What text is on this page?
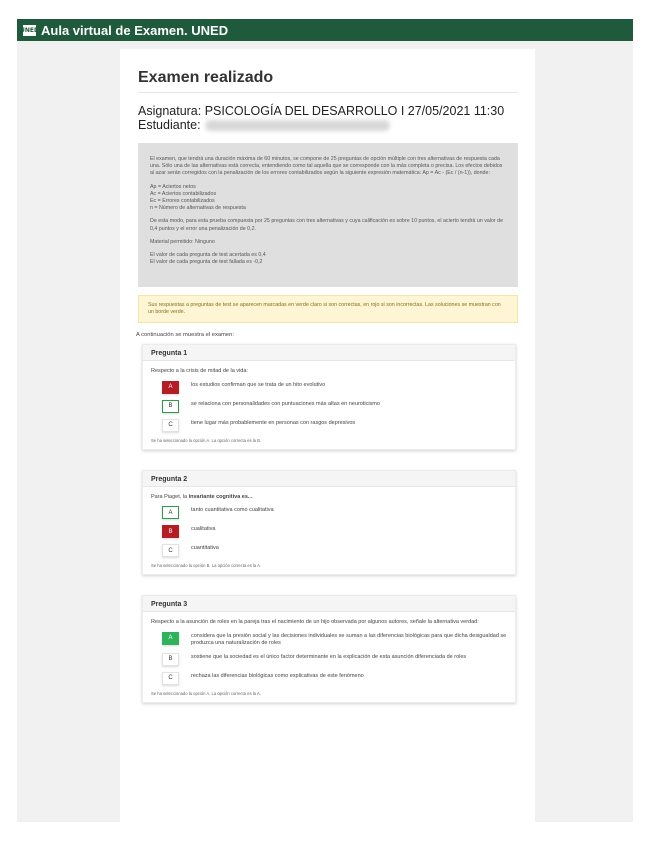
UNED Aula virtual de Examen. UNED
Examen realizado
Asignatura: PSICOLOGÍA DEL DESARROLLO I 27/05/2021 11:30
Estudiante:

El examen, que tendrá una duración máxima de 60 minutos, se compone de 25 preguntas de opción múltiple con tres alternativas de respuesta cada una. Sólo una de las alternativas está correcta, entendiendo como tal aquella que se corresponde con la más completa o precisa. Los efectos debidos al azar serán corregidos con la penalización de los errores contabilizados según la siguiente expresión matemática: Ap = Ac - (Ec / (n-1)), donde:

Ap = Aciertos netos
Ac = Aciertos contabilizados
Ec = Errores contabilizados
n = Número de alternativas de respuesta

De esta modo, para esta prueba compuesta por 25 preguntas con tres alternativas y cuya calificación es sobre 10 puntos, el acierto tendrá un valor de 0,4 puntos y el error una penalización de 0,2.

Material permitido: Ninguno

El valor de cada pregunta de test acertada es 0,4
El valor de cada pregunta de test fallada es -0,2
Sus respuestas a preguntas de test se aparecen marcadas en verde claro si son correctas, en rojo si son incorrectas. Las soluciones se muestran con un borde verde.
A continuación se muestra el examen:
Pregunta 1
Respecto a la crisis de mitad de la vida:
A	los estudios confirman que se trata de un hito evolutivo
B	se relaciona con personalidades con puntuaciones más altas en neuroticismo
C	tiene lugar más probablemente en personas con rasgos depresivos
Se ha seleccionado la opción A. La opción correcta es la B.
Pregunta 2
Para Piaget, la invariante cognitiva es...
A	tanto cuantitativa como cualitativa
B	cualitativa
C	cuantitativa
Se ha seleccionado la opción B. La opción correcta es la A.
Pregunta 3
Respecto a la asunción de roles en la pareja tras el nacimiento de un hijo observada por algunos autores, señale la alternativa verdad:
A	considera que la presión social y las decisiones individuales se suman a las diferencias biológicas para que dicha desigualdad se produzca una naturalización de roles
B	sostiene que la sociedad es el único factor determinante en la explicación de esta asunción diferenciada de roles
C	rechaza las diferencias biológicas como explicativas de este fenómeno
Se ha seleccionado la opción A. La opción correcta es la A.
